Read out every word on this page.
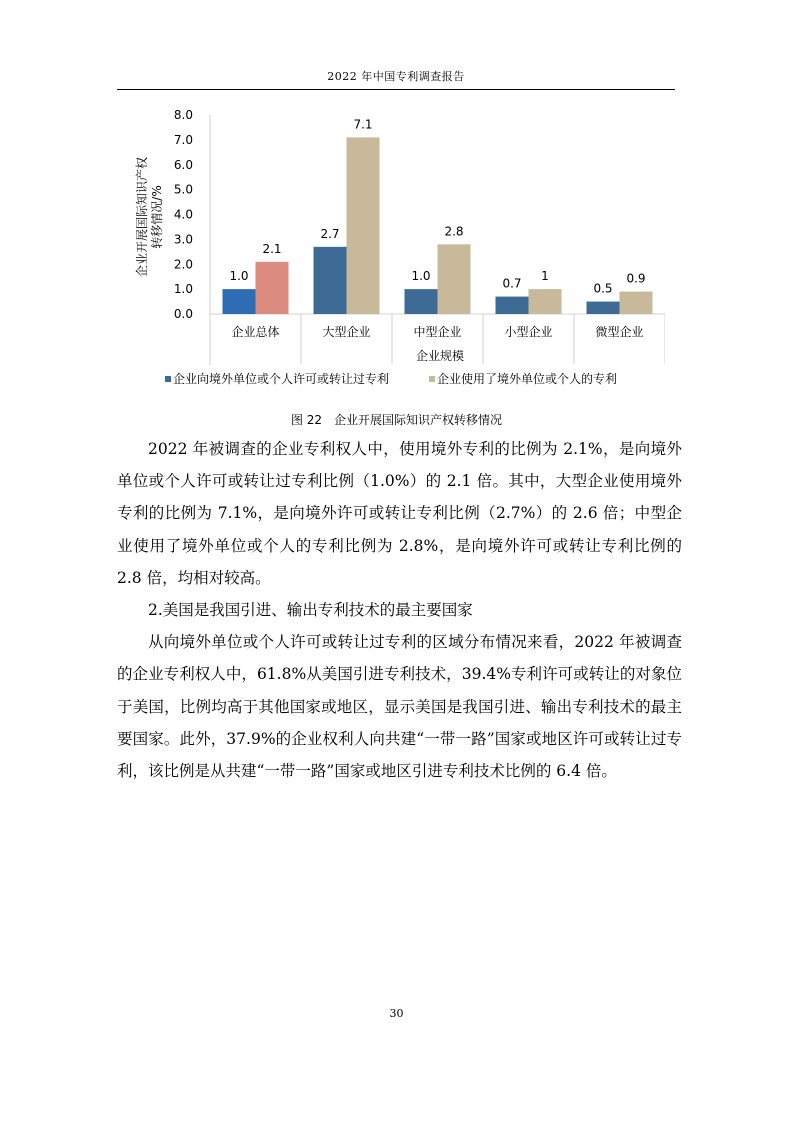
2022 年中国专利调查报告
企业开展国际知识产权 转移情况/%
0.0
1.0
2.0
3.0
4.0
5.0
6.0
7.0
8.0
1.0
2.1
2.7
7.1
1.0
2.8
0.7
1
0.5
0.9
企业总体	大型企业	中型企业	小型企业	微型企业
企业规模
企业向境外单位或个人许可或转让过专利	企业使用了境外单位或个人的专利
图 22　企业开展国际知识产权转移情况

2022 年被调查的企业专利权人中，使用境外专利的比例为 2.1%，是向境外单位或个人许可或转让过专利比例（1.0%）的 2.1 倍。其中，大型企业使用境外专利的比例为 7.1%，是向境外许可或转让专利比例（2.7%）的 2.6 倍；中型企业使用了境外单位或个人的专利比例为 2.8%，是向境外许可或转让专利比例的 2.8 倍，均相对较高。

2.美国是我国引进、输出专利技术的最主要国家

从向境外单位或个人许可或转让过专利的区域分布情况来看，2022 年被调查的企业专利权人中，61.8%从美国引进专利技术，39.4%专利许可或转让的对象位于美国，比例均高于其他国家或地区，显示美国是我国引进、输出专利技术的最主要国家。此外，37.9%的企业权利人向共建“一带一路”国家或地区许可或转让过专利，该比例是从共建“一带一路”国家或地区引进专利技术比例的 6.4 倍。

30
